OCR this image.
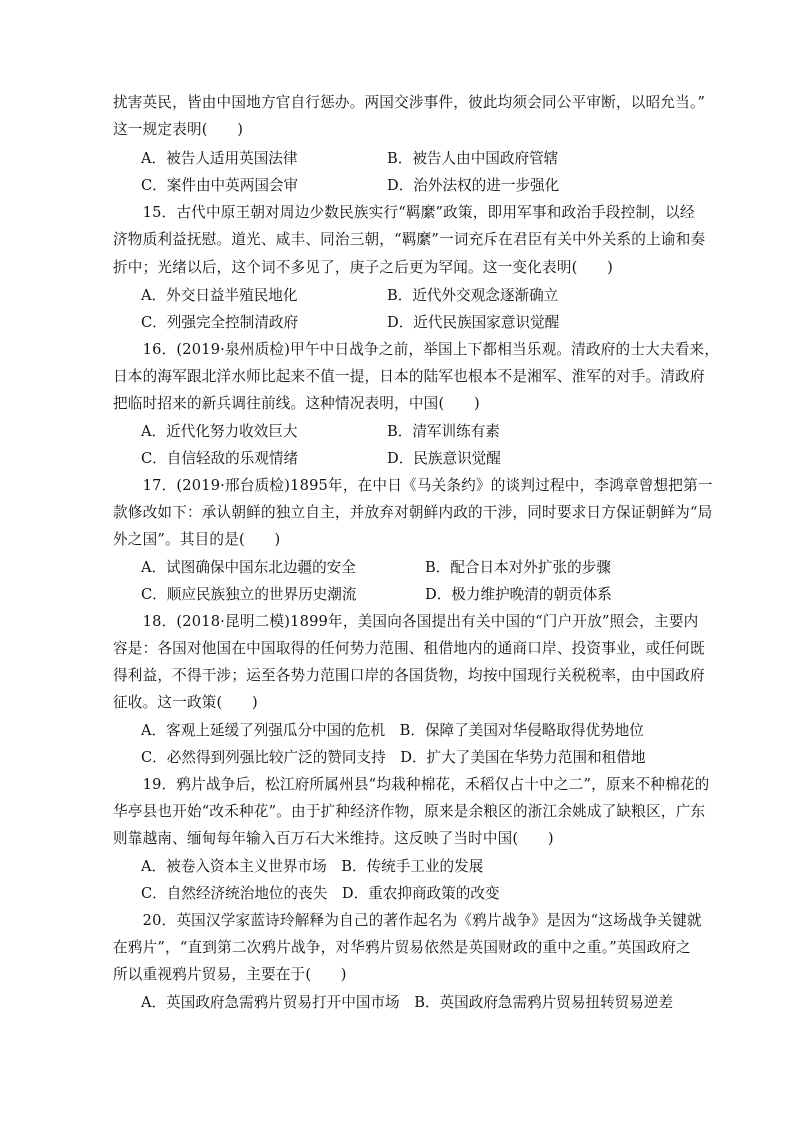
扰害英民，皆由中国地方官自行惩办。两国交涉事件，彼此均须会同公平审断，以昭允当。”
这一规定表明(　　)
A．被告人适用英国法律	B．被告人由中国政府管辖
C．案件由中英两国会审	D．治外法权的进一步强化
　　15．古代中原王朝对周边少数民族实行“羁縻”政策，即用军事和政治手段控制，以经
济物质利益抚慰。道光、咸丰、同治三朝，“羁縻”一词充斥在君臣有关中外关系的上谕和奏
折中；光绪以后，这个词不多见了，庚子之后更为罕闻。这一变化表明(　　)
A．外交日益半殖民地化	B．近代外交观念逐渐确立
C．列强完全控制清政府	D．近代民族国家意识觉醒
　　16．(2019·泉州质检)甲午中日战争之前，举国上下都相当乐观。清政府的士大夫看来，
日本的海军跟北洋水师比起来不值一提，日本的陆军也根本不是湘军、淮军的对手。清政府
把临时招来的新兵调往前线。这种情况表明，中国(　　)
A．近代化努力收效巨大	B．清军训练有素
C．自信轻敌的乐观情绪	D．民族意识觉醒
　　17．(2019·邢台质检)1895年，在中日《马关条约》的谈判过程中，李鸿章曾想把第一
款修改如下：承认朝鲜的独立自主，并放弃对朝鲜内政的干涉，同时要求日方保证朝鲜为“局
外之国”。其目的是(　　)
A．试图确保中国东北边疆的安全	B．配合日本对外扩张的步骤
C．顺应民族独立的世界历史潮流	D．极力维护晚清的朝贡体系
　　18．(2018·昆明二模)1899年，美国向各国提出有关中国的“门户开放”照会，主要内
容是：各国对他国在中国取得的任何势力范围、租借地内的通商口岸、投资事业，或任何既
得利益，不得干涉；运至各势力范围口岸的各国货物，均按中国现行关税税率，由中国政府
征收。这一政策(　　)
A．客观上延缓了列强瓜分中国的危机　B．保障了美国对华侵略取得优势地位
C．必然得到列强比较广泛的赞同支持　D．扩大了美国在华势力范围和租借地
　　19．鸦片战争后，松江府所属州县“均栽种棉花，禾稻仅占十中之二”，原来不种棉花的
华亭县也开始“改禾种花”。由于扩种经济作物，原来是余粮区的浙江余姚成了缺粮区，广东
则靠越南、缅甸每年输入百万石大米维持。这反映了当时中国(　　)
A．被卷入资本主义世界市场　B．传统手工业的发展
C．自然经济统治地位的丧失　D．重农抑商政策的改变
　　20．英国汉学家蓝诗玲解释为自己的著作起名为《鸦片战争》是因为“这场战争关键就
在鸦片”，“直到第二次鸦片战争，对华鸦片贸易依然是英国财政的重中之重。”英国政府之
所以重视鸦片贸易，主要在于(　　)
A．英国政府急需鸦片贸易打开中国市场　B．英国政府急需鸦片贸易扭转贸易逆差
